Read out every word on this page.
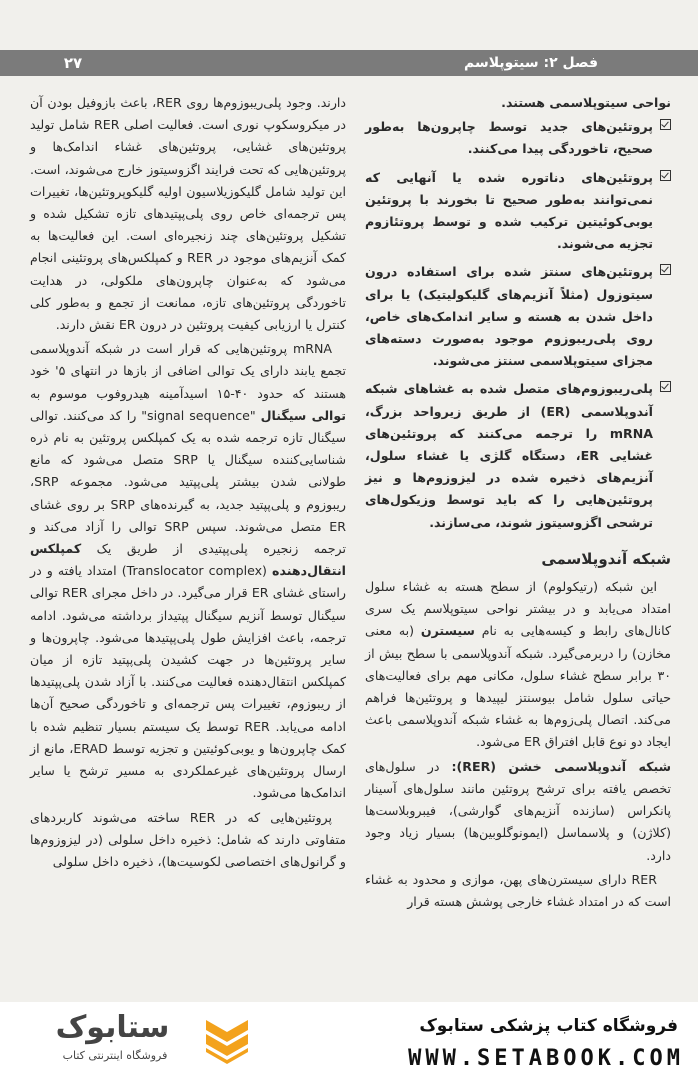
۲۷	فصل ۲: سیتوپلاسم

نواحی سیتوپلاسمی هستند.

پروتئین‌های جدید توسط چاپرون‌ها به‌طور صحیح، تاخوردگی پیدا می‌کنند.
پروتئین‌های دناتوره شده یا آنهایی که نمی‌توانند به‌طور صحیح تا بخورند با پروتئین یوبی‌کوئیتین ترکیب شده و توسط پروتئازوم تجزیه می‌شوند.
پروتئین‌های سنتز شده برای استفاده درون سیتوزول (مثلاً آنزیم‌های گلیکولیتیک) یا برای داخل شدن به هسته و سایر اندامک‌های خاص، روی پلی‌ریبوزوم موجود به‌صورت دسته‌های مجزای سیتوپلاسمی سنتز می‌شوند.
پلی‌ریبوزوم‌های متصل شده به غشاهای شبکه آندوپلاسمی (ER) از طریق زیرواحد بزرگ، mRNA را ترجمه می‌کنند که پروتئین‌های غشایی ER، دستگاه گلژی یا غشاء سلول، آنزیم‌های ذخیره شده در لیزوزوم‌ها و نیز پروتئین‌هایی را که باید توسط وزیکول‌های ترشحی اگزوسیتوز شوند، می‌سازند.
شبکه آندوپلاسمی

این شبکه (رتیکولوم) از سطح هسته به غشاء سلول امتداد می‌یابد و در بیشتر نواحی سیتوپلاسم یک سری کانال‌های رابط و کیسه‌هایی به نام سیسترن (به معنی مخازن) را دربرمی‌گیرد. شبکه آندوپلاسمی با سطح بیش از ۳۰ برابر سطح غشاء سلول، مکانی مهم برای فعالیت‌های حیاتی سلول شامل بیوسنتز لیپیدها و پروتئین‌ها فراهم می‌کند. اتصال پلی‌زوم‌ها به غشاء شبکه آندوپلاسمی باعث ایجاد دو نوع قابل افتراق ER می‌شود.

شبکه آندوپلاسمی خشن (RER): در سلول‌های تخصص یافته برای ترشح پروتئین مانند سلول‌های آسینار پانکراس (سازنده آنزیم‌های گوارشی)، فیبروبلاست‌ها (کلاژن) و پلاسماسل (ایمونوگلوبین‌ها) بسیار زیاد وجود دارد.

RER دارای سیسترن‌های پهن، موازی و محدود به غشاء است که در امتداد غشاء خارجی پوشش هسته قرار

دارند. وجود پلی‌ریبوزوم‌ها روی RER، باعث بازوفیل بودن آن در میکروسکوپ نوری است. فعالیت اصلی RER شامل تولید پروتئین‌های غشایی، پروتئین‌های غشاء اندامک‌ها و پروتئین‌هایی که تحت فرایند اگزوسیتوز خارج می‌شوند، است. این تولید شامل گلیکوزیلاسیون اولیه گلیکوپروتئین‌ها، تغییرات پس ترجمه‌ای خاص روی پلی‌پپتیدهای تازه تشکیل شده و تشکیل پروتئین‌های چند زنجیره‌ای است. این فعالیت‌ها به کمک آنزیم‌های موجود در RER و کمپلکس‌های پروتئینی انجام می‌شود که به‌عنوان چاپرون‌های ملکولی، در هدایت تاخوردگی پروتئین‌های تازه، ممانعت از تجمع و به‌طور کلی کنترل یا ارزیابی کیفیت پروتئین در درون ER نقش دارند.

mRNA پروتئین‌هایی که قرار است در شبکه آندوپلاسمی تجمع یابند دارای یک توالی اضافی از بازها در انتهای ۵' خود هستند که حدود ۴۰-۱۵ اسیدآمینه هیدروفوب موسوم به توالی سیگنال "signal sequence" را کد می‌کنند. توالی سیگنال تازه ترجمه شده به یک کمپلکس پروتئین به نام ذره شناسایی‌کننده سیگنال یا SRP متصل می‌شود که مانع طولانی شدن بیشتر پلی‌پپتید می‌شود. مجموعه SRP، ریبوزوم و پلی‌پپتید جدید، به گیرنده‌های SRP بر روی غشای ER متصل می‌شوند. سپس SRP توالی را آزاد می‌کند و ترجمه زنجیره پلی‌پپتیدی از طریق یک کمپلکس انتقال‌دهنده (Translocator complex) امتداد یافته و در راستای غشای ER قرار می‌گیرد. در داخل مجرای RER توالی سیگنال توسط آنزیم سیگنال پپتیداز برداشته می‌شود. ادامه ترجمه، باعث افزایش طول پلی‌پپتیدها می‌شود. چاپرون‌ها و سایر پروتئین‌ها در جهت کشیدن پلی‌پپتید تازه از میان کمپلکس انتقال‌دهنده فعالیت می‌کنند. با آزاد شدن پلی‌پپتیدها از ریبوزوم، تغییرات پس ترجمه‌ای و تاخوردگی صحیح آن‌ها ادامه می‌یابد. RER توسط یک سیستم بسیار تنظیم شده با کمک چاپرون‌ها و یوبی‌کوئیتین و تجزیه توسط ERAD، مانع از ارسال پروتئین‌های غیرعملکردی به مسیر ترشح یا سایر اندامک‌ها می‌شود.

پروتئین‌هایی که در RER ساخته می‌شوند کاربردهای متفاوتی دارند که شامل: ذخیره داخل سلولی (در لیزوزوم‌ها و گرانول‌های اختصاصی لکوسیت‌ها)، ذخیره داخل سلولی

ستابوک
فروشگاه اینترنتی کتاب
فروشگاه کتاب پزشکی ستابوک
WWW.SETABOOK.COM
